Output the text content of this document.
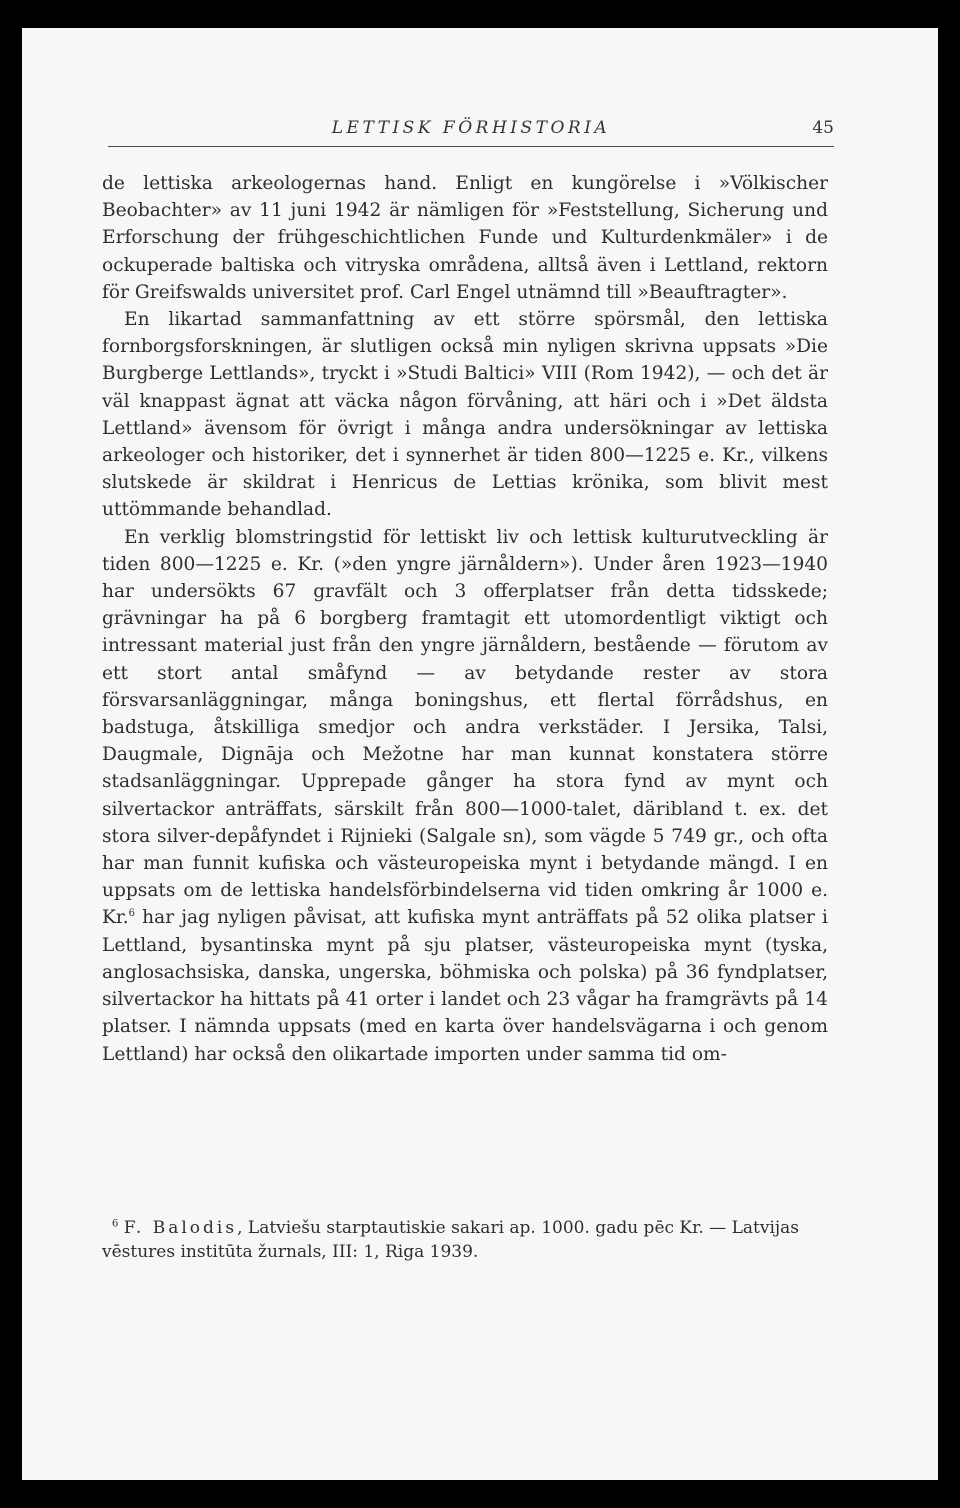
LETTISK FÖRHISTORIA	45

de lettiska arkeologernas hand. Enligt en kungörelse i »Völkischer Beobachter» av 11 juni 1942 är nämligen för »Feststellung, Sicherung und Erforschung der frühgeschichtlichen Funde und Kulturdenkmäler» i de ockuperade baltiska och vitryska områdena, alltså även i Lettland, rektorn för Greifswalds universitet prof. Carl Engel utnämnd till »Beauftragter».

En likartad sammanfattning av ett större spörsmål, den lettiska fornborgsforskningen, är slutligen också min nyligen skrivna uppsats »Die Burgberge Lettlands», tryckt i »Studi Baltici» VIII (Rom 1942), — och det är väl knappast ägnat att väcka någon förvåning, att häri och i »Det äldsta Lettland» ävensom för övrigt i många andra undersökningar av lettiska arkeologer och historiker, det i synnerhet är tiden 800—1225 e. Kr., vilkens slutskede är skildrat i Henricus de Lettias krönika, som blivit mest uttömmande behandlad.

En verklig blomstringstid för lettiskt liv och lettisk kulturutveckling är tiden 800—1225 e. Kr. (»den yngre järnåldern»). Under åren 1923—1940 har undersökts 67 gravfält och 3 offerplatser från detta tidsskede; grävningar ha på 6 borgberg framtagit ett utomordentligt viktigt och intressant material just från den yngre järnåldern, bestående — förutom av ett stort antal småfynd — av betydande rester av stora försvarsanläggningar, många boningshus, ett flertal förrådshus, en badstuga, åtskilliga smedjor och andra verkstäder. I Jersika, Talsi, Daugmale, Dignāja och Mežotne har man kunnat konstatera större stadsanläggningar. Upprepade gånger ha stora fynd av mynt och silvertackor anträffats, särskilt från 800—1000-talet, däribland t. ex. det stora silver-depåfyndet i Rijnieki (Salgale sn), som vägde 5 749 gr., och ofta har man funnit kufiska och västeuropeiska mynt i betydande mängd. I en uppsats om de lettiska handelsförbindelserna vid tiden omkring år 1000 e. Kr.$^6$ har jag nyligen påvisat, att kufiska mynt anträffats på 52 olika platser i Lettland, bysantinska mynt på sju platser, västeuropeiska mynt (tyska, anglosachsiska, danska, ungerska, böhmiska och polska) på 36 fyndplatser, silvertackor ha hittats på 41 orter i landet och 23 vågar ha framgrävts på 14 platser. I nämnda uppsats (med en karta över handelsvägarna i och genom Lettland) har också den olikartade importen under samma tid om-

$^6$ F. Balodis, Latviešu starptautiskie sakari ap. 1000. gadu pēc Kr. — Latvijas vēstures institūta žurnals, III: 1, Riga 1939.
